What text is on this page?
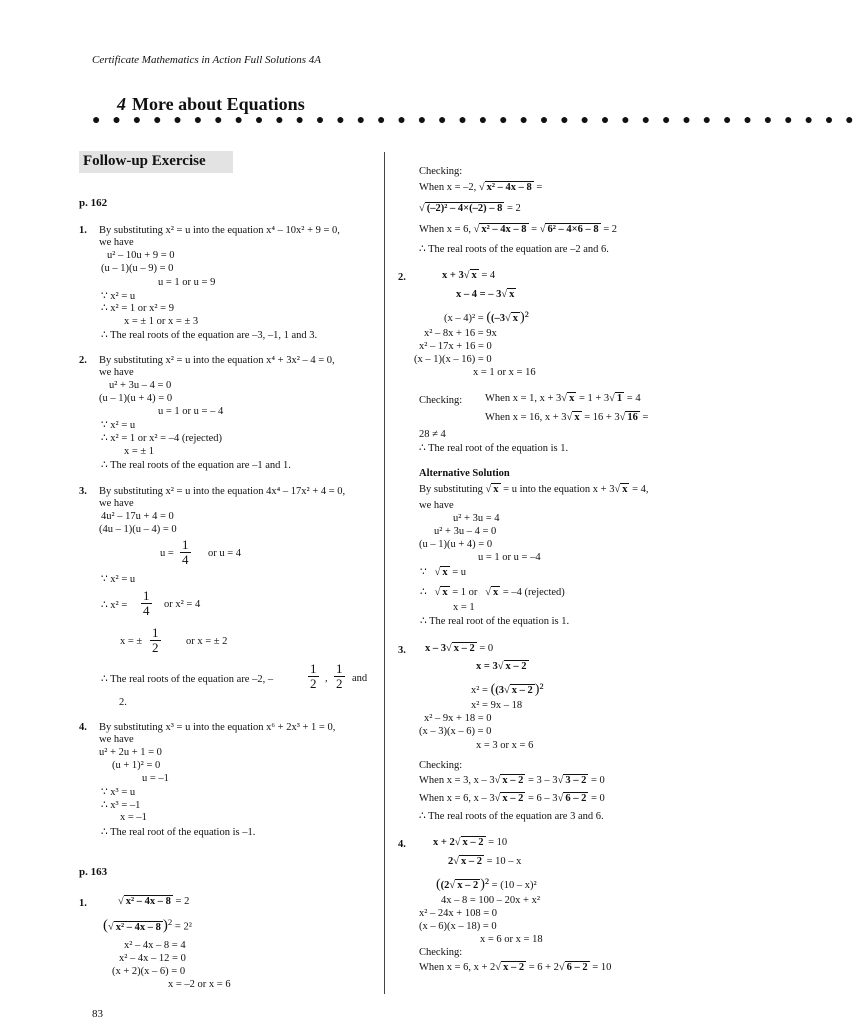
Certificate Mathematics in Action Full Solutions 4A
4 More about Equations
● ● ● ● ● ● ● ● ● ● ● ● ● ● ● ● ● ● ● ● ● ● ● ● ● ● ● ● ● ● ● ● ● ● ● ● ● ●
Follow-up Exercise
p. 162
1. By substituting x² = u into the equation x⁴ – 10x² + 9 = 0,
we have
u² – 10u + 9 = 0
(u – 1)(u – 9) = 0
u = 1 or u = 9
∵ x² = u
∴ x² = 1 or x² = 9
x = ± 1 or x = ± 3
∴ The real roots of the equation are –3, –1, 1 and 3.
2. By substituting x² = u into the equation x⁴ + 3x² – 4 = 0,
we have
u² + 3u – 4 = 0
(u – 1)(u + 4) = 0
u = 1 or u = – 4
∵ x² = u
∴ x² = 1 or x² = –4 (rejected)
x = ± 1
∴ The real roots of the equation are –1 and 1.
3. By substituting x² = u into the equation 4x⁴ – 17x² + 4 = 0,
we have
4u² – 17u + 4 = 0
(4u – 1)(u – 4) = 0
$u = \frac{1}{4}$ or u = 4
∵ x² = u
∴ $x^2 = \frac{1}{4}$ or x² = 4
x = ± $\frac{1}{2}$ or x = ± 2
∴ The real roots of the equation are –2, –	$\frac{1}{2}$ , $\frac{1}{2}$ and
2.
4. By substituting x³ = u into the equation x⁶ + 2x³ + 1 = 0,
we have
u² + 2u + 1 = 0
(u + 1)² = 0
u = –1
∵ x³ = u
∴ x³ = –1
x = –1
∴ The real root of the equation is –1.
p. 163
1.	√ x² – 4x – 8 = 2
(√ x² – 4x – 8 )$^2$ = 2²
x² – 4x – 8 = 4
x² – 4x – 12 = 0
(x + 2)(x – 6) = 0
x = –2 or x = 6
Checking:
When x = –2, √ x² – 4x – 8 =
√ (–2)² – 4×(–2) – 8 = 2
When x = 6, √ x² – 4x – 8 = √ 6² – 4×6 – 8 = 2
∴ The real roots of the equation are –2 and 6.
2.	x + 3√ x = 4
x – 4 = – 3√ x
(x – 4)² = ((–3√ x )²
x² – 8x + 16 = 9x
x² – 17x + 16 = 0
(x – 1)(x – 16) = 0
x = 1 or x = 16
Checking: When x = 1, x + 3√ x = 1 + 3√ 1 = 4
When x = 16, x + 3√ x = 16 + 3√ 16 =
28 ≠ 4
∴ The real root of the equation is 1.
Alternative Solution
By substituting √ x = u into the equation x + 3√ x = 4,
we have
u² + 3u = 4
u² + 3u – 4 = 0
(u – 1)(u + 4) = 0
u = 1 or u = –4
∵ √ x = u
∴ √ x = 1 or √ x = –4 (rejected)
x = 1
∴ The real root of the equation is 1.
3. x – 3√ x – 2 = 0
x = 3√ x – 2
x² = ((3√ x – 2 )²
x² = 9x – 18
x² – 9x + 18 = 0
(x – 3)(x – 6) = 0
x = 3 or x = 6
Checking:
When x = 3, x – 3√ x – 2 = 3 – 3√ 3 – 2 = 0
When x = 6, x – 3√ x – 2 = 6 – 3√ 6 – 2 = 0
∴ The real roots of the equation are 3 and 6.
4.	x + 2√ x – 2 = 10
2√ x – 2 = 10 – x
((2√ x – 2 )² = (10 – x)²
4x – 8 = 100 – 20x + x²
x² – 24x + 108 = 0
(x – 6)(x – 18) = 0
x = 6 or x = 18
Checking:
When x = 6, x + 2√ x – 2 = 6 + 2√ 6 – 2 = 10
83
